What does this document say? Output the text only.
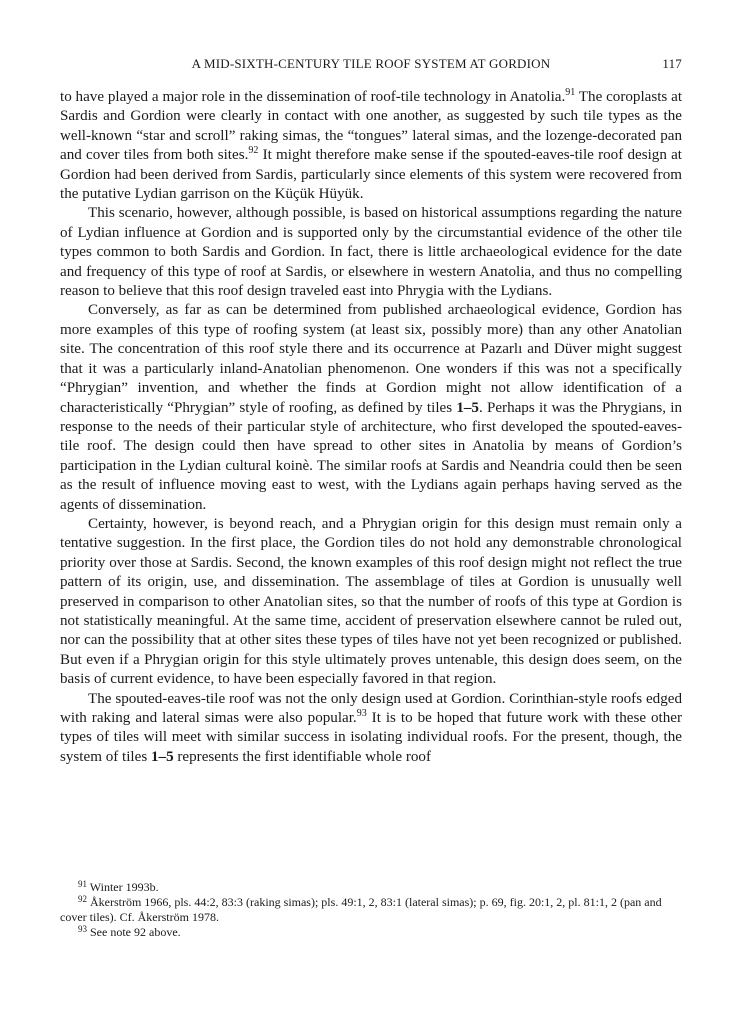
A MID-SIXTH-CENTURY TILE ROOF SYSTEM AT GORDION	117

to have played a major role in the dissemination of roof-tile technology in Anatolia.$^{91}$ The coroplasts at Sardis and Gordion were clearly in contact with one another, as suggested by such tile types as the well-known “star and scroll” raking simas, the “tongues” lateral simas, and the lozenge-decorated pan and cover tiles from both sites.$^{92}$ It might therefore make sense if the spouted-eaves-tile roof design at Gordion had been derived from Sardis, particularly since elements of this system were recovered from the putative Lydian garrison on the Küçük Hüyük.

This scenario, however, although possible, is based on historical assumptions regarding the nature of Lydian influence at Gordion and is supported only by the circumstantial evidence of the other tile types common to both Sardis and Gordion. In fact, there is little archaeological evidence for the date and frequency of this type of roof at Sardis, or elsewhere in western Anatolia, and thus no compelling reason to believe that this roof design traveled east into Phrygia with the Lydians.

Conversely, as far as can be determined from published archaeological evidence, Gordion has more examples of this type of roofing system (at least six, possibly more) than any other Anatolian site. The concentration of this roof style there and its occurrence at Pazarlı and Düver might suggest that it was a particularly inland-Anatolian phenomenon. One wonders if this was not a specifically “Phrygian” invention, and whether the finds at Gordion might not allow identification of a characteristically “Phrygian” style of roofing, as defined by tiles 1–5. Perhaps it was the Phrygians, in response to the needs of their particular style of architecture, who first developed the spouted-eaves-tile roof. The design could then have spread to other sites in Anatolia by means of Gordion’s participation in the Lydian cultural koinè. The similar roofs at Sardis and Neandria could then be seen as the result of influence moving east to west, with the Lydians again perhaps having served as the agents of dissemination.

Certainty, however, is beyond reach, and a Phrygian origin for this design must remain only a tentative suggestion. In the first place, the Gordion tiles do not hold any demonstrable chronological priority over those at Sardis. Second, the known examples of this roof design might not reflect the true pattern of its origin, use, and dissemination. The assemblage of tiles at Gordion is unusually well preserved in comparison to other Anatolian sites, so that the number of roofs of this type at Gordion is not statistically meaningful. At the same time, accident of preservation elsewhere cannot be ruled out, nor can the possibility that at other sites these types of tiles have not yet been recognized or published. But even if a Phrygian origin for this style ultimately proves untenable, this design does seem, on the basis of current evidence, to have been especially favored in that region.

The spouted-eaves-tile roof was not the only design used at Gordion. Corinthian-style roofs edged with raking and lateral simas were also popular.$^{93}$ It is to be hoped that future work with these other types of tiles will meet with similar success in isolating individual roofs. For the present, though, the system of tiles 1–5 represents the first identifiable whole roof

$^{91}$ Winter 1993b.

$^{92}$ Åkerström 1966, pls. 44:2, 83:3 (raking simas); pls. 49:1, 2, 83:1 (lateral simas); p. 69, fig. 20:1, 2, pl. 81:1, 2 (pan and cover tiles). Cf. Åkerström 1978.

$^{93}$ See note 92 above.
